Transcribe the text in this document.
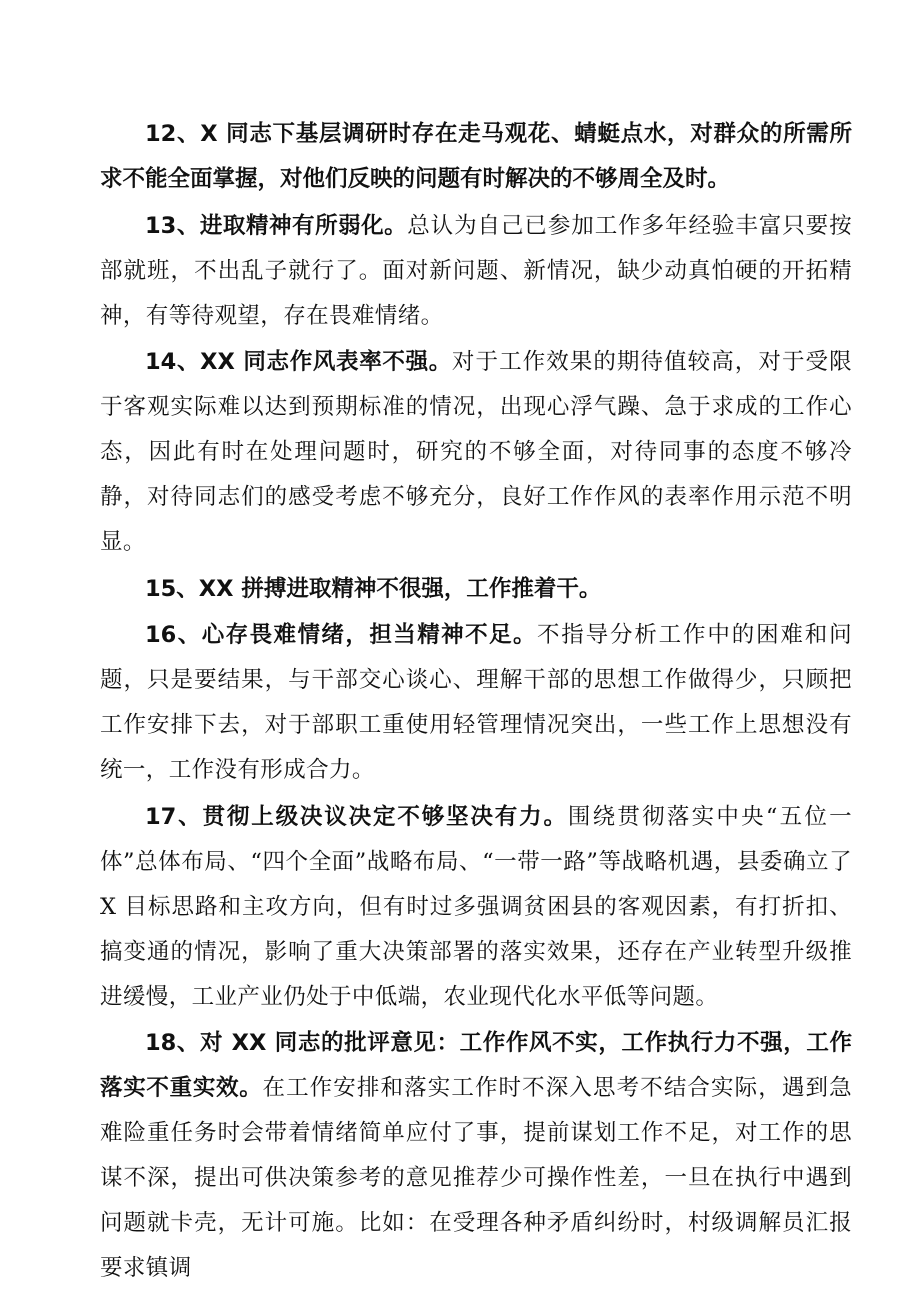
12、X 同志下基层调研时存在走马观花、蜻蜓点水，对群众的所需所求不能全面掌握，对他们反映的问题有时解决的不够周全及时。

13、进取精神有所弱化。总认为自己已参加工作多年经验丰富只要按部就班，不出乱子就行了。面对新问题、新情况，缺少动真怕硬的开拓精神，有等待观望，存在畏难情绪。

14、XX 同志作风表率不强。对于工作效果的期待值较高，对于受限于客观实际难以达到预期标准的情况，出现心浮气躁、急于求成的工作心态，因此有时在处理问题时，研究的不够全面，对待同事的态度不够冷静，对待同志们的感受考虑不够充分，良好工作作风的表率作用示范不明显。

15、XX 拼搏进取精神不很强，工作推着干。

16、心存畏难情绪，担当精神不足。不指导分析工作中的困难和问题，只是要结果，与干部交心谈心、理解干部的思想工作做得少，只顾把工作安排下去，对于部职工重使用轻管理情况突出，一些工作上思想没有统一，工作没有形成合力。

17、贯彻上级决议决定不够坚决有力。围绕贯彻落实中央“五位一体”总体布局、“四个全面”战略布局、“一带一路”等战略机遇，县委确立了X 目标思路和主攻方向，但有时过多强调贫困县的客观因素，有打折扣、搞变通的情况，影响了重大决策部署的落实效果，还存在产业转型升级推进缓慢，工业产业仍处于中低端，农业现代化水平低等问题。

18、对 XX 同志的批评意见：工作作风不实，工作执行力不强，工作落实不重实效。在工作安排和落实工作时不深入思考不结合实际，遇到急难险重任务时会带着情绪简单应付了事，提前谋划工作不足，对工作的思谋不深，提出可供决策参考的意见推荐少可操作性差，一旦在执行中遇到问题就卡壳，无计可施。比如：在受理各种矛盾纠纷时，村级调解员汇报要求镇调
